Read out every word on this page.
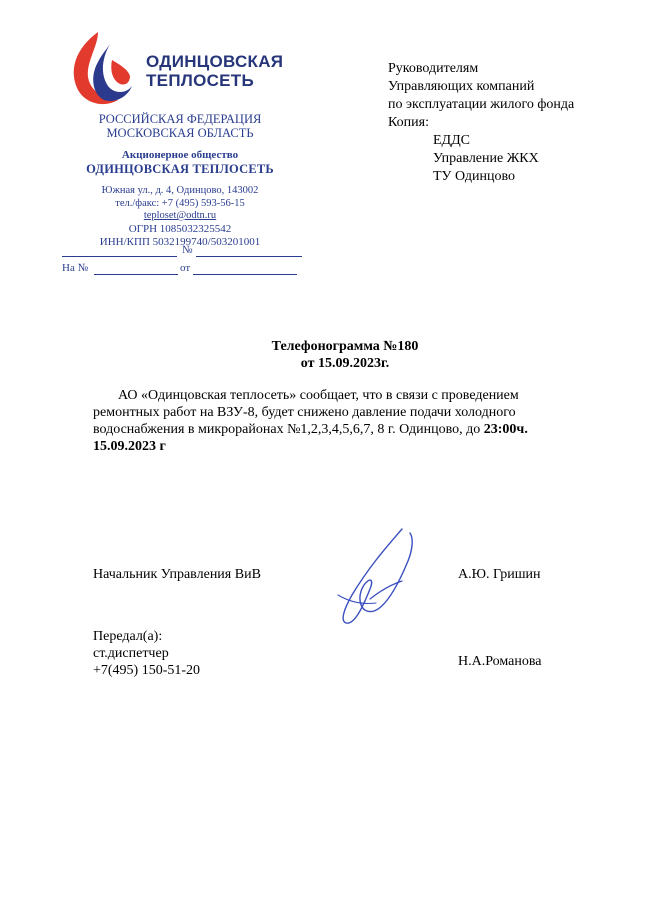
ОДИНЦОВСКАЯ
ТЕПЛОСЕТЬ
РОССИЙСКАЯ ФЕДЕРАЦИЯ
МОСКОВСКАЯ ОБЛАСТЬ
Акционерное общество
ОДИНЦОВСКАЯ ТЕПЛОСЕТЬ
Южная ул., д. 4, Одинцово, 143002
тел./факс: +7 (495) 593-56-15
teploset@odtn.ru
ОГРН 1085032325542
ИНН/КПП 5032199740/503201001
№
На №	от
Руководителям
Управляющих компаний
по эксплуатации жилого фонда
Копия:
ЕДДС
Управление ЖКХ
ТУ Одинцово
Телефонограмма №180
от 15.09.2023г.

АО «Одинцовская теплосеть» сообщает, что в связи с проведением ремонтных работ на ВЗУ-8, будет снижено давление подачи холодного водоснабжения в микрорайонах №1,2,3,4,5,6,7, 8 г. Одинцово, до 23:00ч. 15.09.2023 г

Начальник Управления ВиВ	А.Ю. Гришин
Передал(а):
ст.диспетчер
+7(495) 150-51-20
Н.А.Романова
